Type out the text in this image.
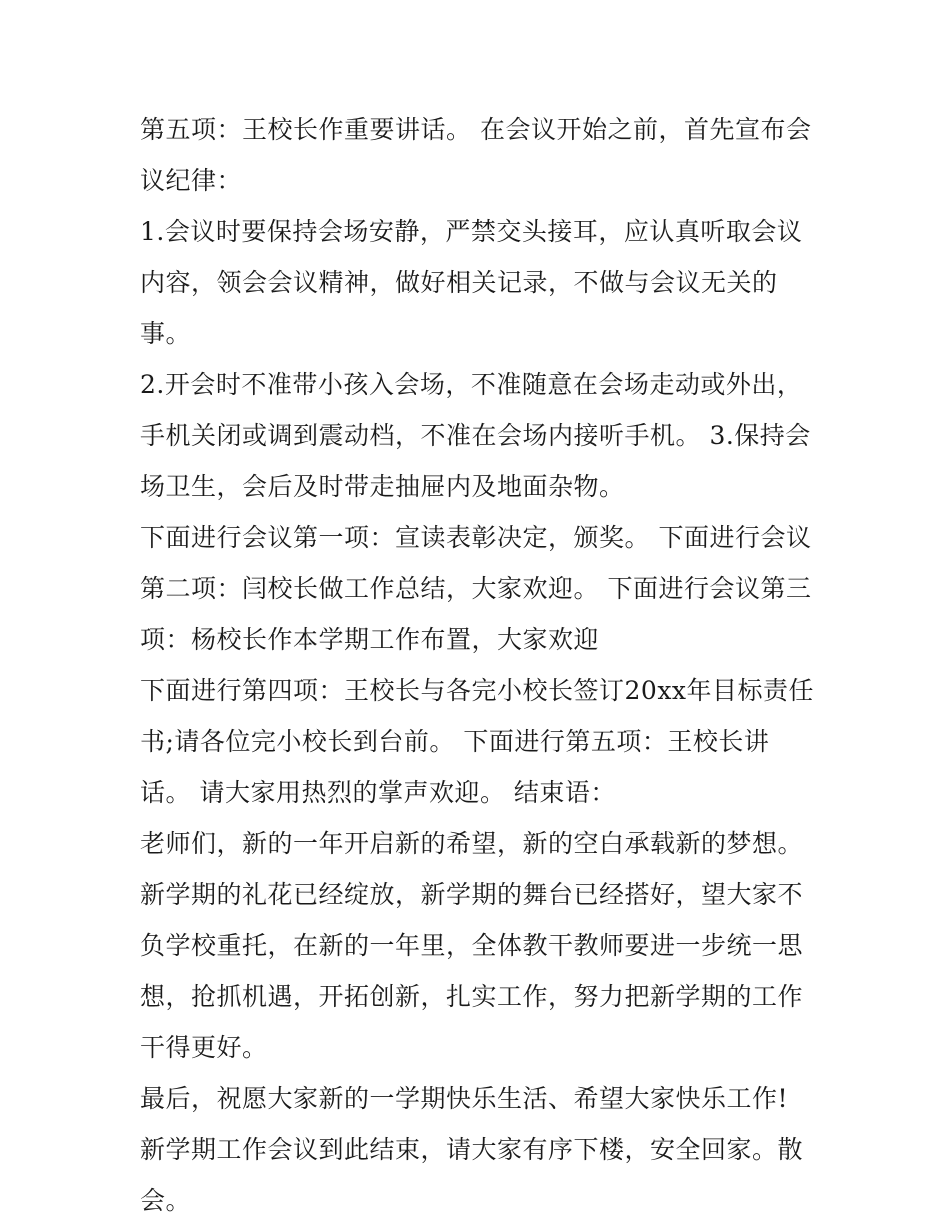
第五项：王校长作重要讲话。 在会议开始之前，首先宣布会议纪律：

1.会议时要保持会场安静，严禁交头接耳，应认真听取会议内容，领会会议精神，做好相关记录，不做与会议无关的事。

2.开会时不准带小孩入会场，不准随意在会场走动或外出，手机关闭或调到震动档，不准在会场内接听手机。 3.保持会场卫生，会后及时带走抽屉内及地面杂物。

下面进行会议第一项：宣读表彰决定，颁奖。 下面进行会议第二项：闫校长做工作总结，大家欢迎。 下面进行会议第三项：杨校长作本学期工作布置，大家欢迎

下面进行第四项：王校长与各完小校长签订20xx年目标责任书;请各位完小校长到台前。 下面进行第五项：王校长讲话。 请大家用热烈的掌声欢迎。 结束语：

老师们，新的一年开启新的希望，新的空白承载新的梦想。新学期的礼花已经绽放，新学期的舞台已经搭好，望大家不负学校重托，在新的一年里，全体教干教师要进一步统一思想，抢抓机遇，开拓创新，扎实工作，努力把新学期的工作干得更好。

最后，祝愿大家新的一学期快乐生活、希望大家快乐工作! 新学期工作会议到此结束，请大家有序下楼，安全回家。散会。
